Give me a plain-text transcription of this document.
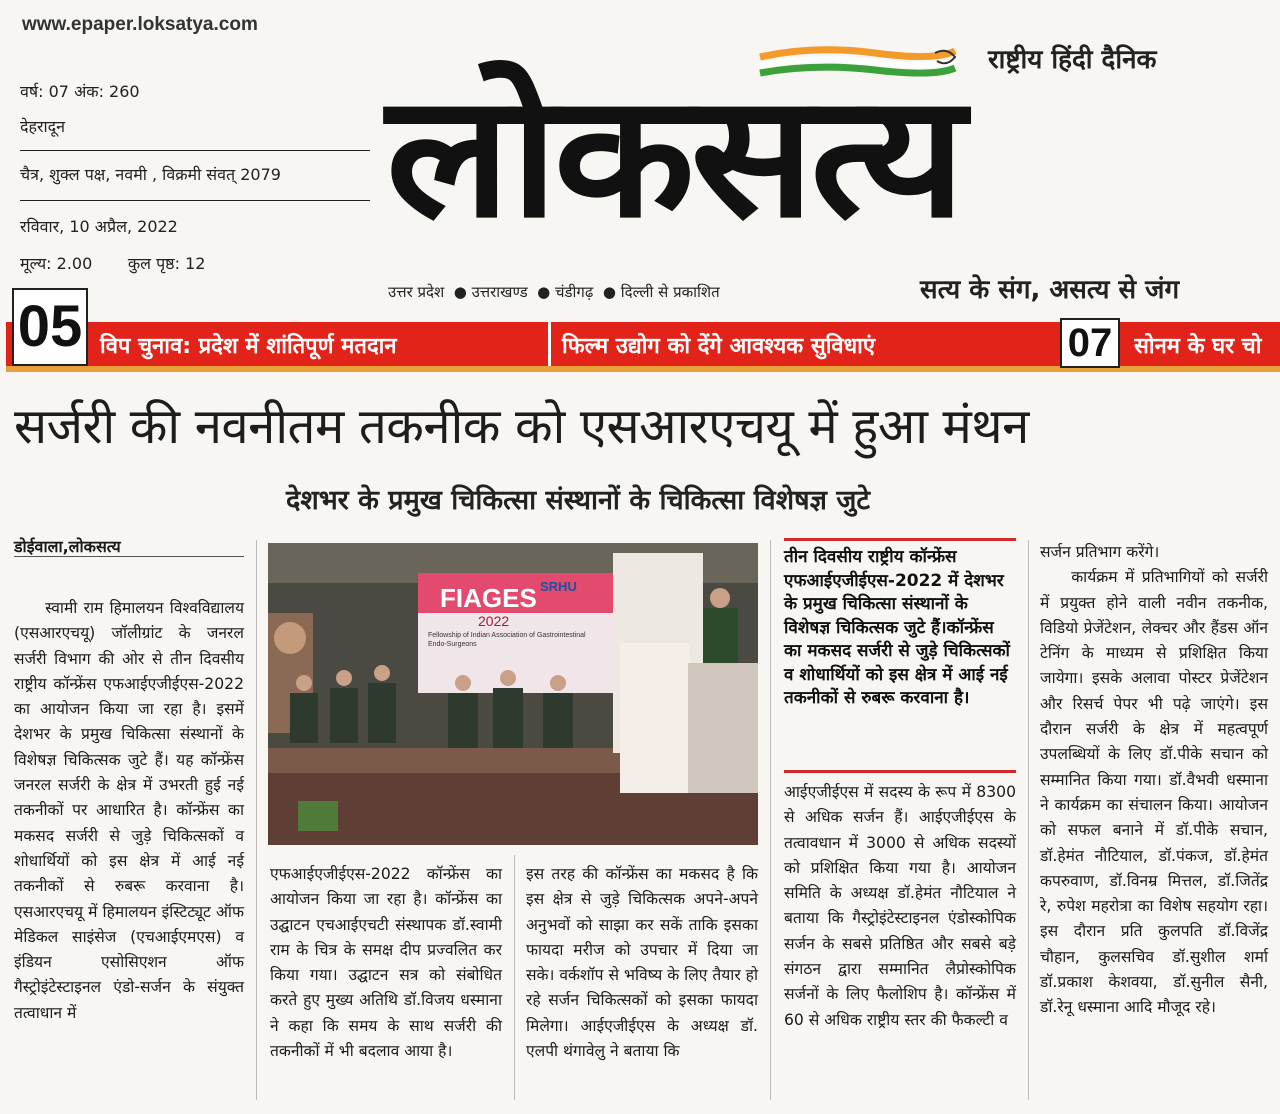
www.epaper.loksatya.com
वर्ष: 07 अंक: 260
देहरादून
चैत्र, शुक्ल पक्ष, नवमी , विक्रमी संवत् 2079
रविवार, 10 अप्रैल, 2022
मूल्य: 2.00       कुल पृष्ठ: 12
राष्ट्रीय हिंदी दैनिक
लोकसत्य
उत्तर प्रदेश  ● उत्तराखण्ड  ● चंडीगढ़  ● दिल्ली से प्रकाशित	सत्य के संग, असत्य से जंग
05 विप चुनाव: प्रदेश में शांतिपूर्ण मतदान	फिल्म उद्योग को देंगे आवश्यक सुविधाएं	07 सोनम के घर चो
सर्जरी की नवनीतम तकनीक को एसआरएचयू में हुआ मंथन
देशभर के प्रमुख चिकित्सा संस्थानों के चिकित्सा विशेषज्ञ जुटे
डोईवाला,लोकसत्य

स्वामी राम हिमालयन विश्वविद्यालय (एसआरएचयू) जॉलीग्रांट के जनरल सर्जरी विभाग की ओर से तीन दिवसीय राष्ट्रीय कॉन्फ्रेंस एफआईएजीईएस-2022 का आयोजन किया जा रहा है। इसमें देशभर के प्रमुख चिकित्सा संस्थानों के विशेषज्ञ चिकित्सक जुटे हैं। यह कॉन्फ्रेंस जनरल सर्जरी के क्षेत्र में उभरती हुई नई तकनीकों पर आधारित है। कॉन्फ्रेंस का मकसद सर्जरी से जुड़े चिकित्सकों व शोधार्थियों को इस क्षेत्र में आई नई तकनीकों से रुबरू करवाना है। एसआरएचयू में हिमालयन इंस्टिट्यूट ऑफ मेडिकल साइंसेज (एचआईएमएस) व इंडियन एसोसिएशन ऑफ गैस्ट्रोइंटेस्टाइनल एंडो-सर्जन के संयुक्त तत्वाधान में

FIAGES
2022
Fellowship of Indian Association of Gastrointestinal Endo-Surgeons
SRHU

एफआईएजीईएस-2022 कॉन्फ्रेंस का आयोजन किया जा रहा है। कॉन्फ्रेंस का उद्घाटन एचआईएचटी संस्थापक डॉ.स्वामी राम के चित्र के समक्ष दीप प्रज्वलित कर किया गया। उद्घाटन सत्र को संबोधित करते हुए मुख्य अतिथि डॉ.विजय धस्माना ने कहा कि समय के साथ सर्जरी की तकनीकों में भी बदलाव आया है।

इस तरह की कॉन्फ्रेंस का मकसद है कि इस क्षेत्र से जुड़े चिकित्सक अपने-अपने अनुभवों को साझा कर सकें ताकि इसका फायदा मरीज को उपचार में दिया जा सके। वर्कशॉप से भविष्य के लिए तैयार हो रहे सर्जन चिकित्सकों को इसका फायदा मिलेगा। आईएजीईएस के अध्यक्ष डॉ. एलपी थंगावेलु ने बताया कि

तीन दिवसीय राष्ट्रीय कॉन्फ्रेंस एफआईएजीईएस-2022 में देशभर के प्रमुख चिकित्सा संस्थानों के विशेषज्ञ चिकित्सक जुटे हैं।कॉन्फ्रेंस का मकसद सर्जरी से जुड़े चिकित्सकों व शोधार्थियों को इस क्षेत्र में आई नई तकनीकों से रुबरू करवाना है।

आईएजीईएस में सदस्य के रूप में 8300 से अधिक सर्जन हैं। आईएजीईएस के तत्वावधान में 3000 से अधिक सदस्यों को प्रशिक्षित किया गया है। आयोजन समिति के अध्यक्ष डॉ.हेमंत नौटियाल ने बताया कि गैस्ट्रोइंटेस्टाइनल एंडोस्कोपिक सर्जन के सबसे प्रतिष्ठित और सबसे बड़े संगठन द्वारा सम्मानित लैप्रोस्कोपिक सर्जनों के लिए फैलोशिप है। कॉन्फ्रेंस में 60 से अधिक राष्ट्रीय स्तर की फैकल्टी व

सर्जन प्रतिभाग करेंगे।

कार्यक्रम में प्रतिभागियों को सर्जरी में प्रयुक्त होने वाली नवीन तकनीक, विडियो प्रेजेंटेशन, लेक्चर और हैंडस ऑन टेनिंग के माध्यम से प्रशिक्षित किया जायेगा। इसके अलावा पोस्टर प्रेजेंटेशन और रिसर्च पेपर भी पढ़े जाएंगे। इस दौरान सर्जरी के क्षेत्र में महत्वपूर्ण उपलब्धियों के लिए डॉ.पीके सचान को सम्मानित किया गया। डॉ.वैभवी धस्माना ने कार्यक्रम का संचालन किया। आयोजन को सफल बनाने में डॉ.पीके सचान, डॉ.हेमंत नौटियाल, डॉ.पंकज, डॉ.हेमंत कपरुवाण, डॉ.विनम्र मित्तल, डॉ.जितेंद्र रे, रुपेश महरोत्रा का विशेष सहयोग रहा। इस दौरान प्रति कुलपति डॉ.विजेंद्र चौहान, कुलसचिव डॉ.सुशील शर्मा डॉ.प्रकाश केशवया, डॉ.सुनील सैनी, डॉ.रेनू धस्माना आदि मौजूद रहे।
